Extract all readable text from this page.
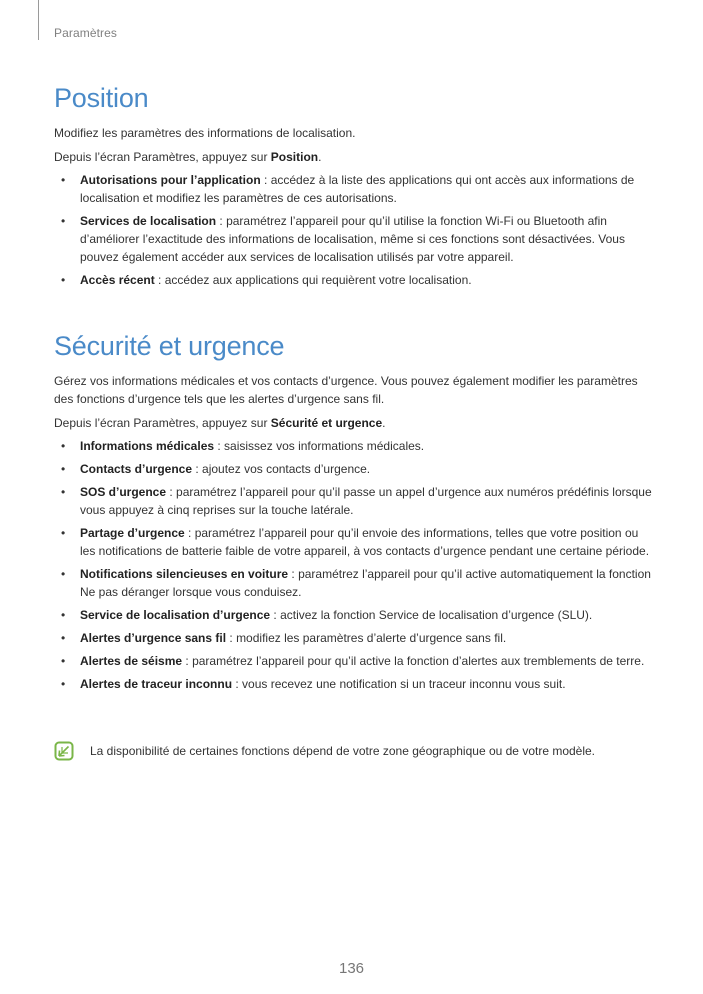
Paramètres
Position

Modifiez les paramètres des informations de localisation.

Depuis l’écran Paramètres, appuyez sur Position.

• Autorisations pour l’application : accédez à la liste des applications qui ont accès aux informations de localisation et modifiez les paramètres de ces autorisations.
• Services de localisation : paramétrez l’appareil pour qu’il utilise la fonction Wi-Fi ou Bluetooth afin d’améliorer l’exactitude des informations de localisation, même si ces fonctions sont désactivées. Vous pouvez également accéder aux services de localisation utilisés par votre appareil.
• Accès récent : accédez aux applications qui requièrent votre localisation.
Sécurité et urgence

Gérez vos informations médicales et vos contacts d’urgence. Vous pouvez également modifier les paramètres des fonctions d’urgence tels que les alertes d’urgence sans fil.

Depuis l’écran Paramètres, appuyez sur Sécurité et urgence.

• Informations médicales : saisissez vos informations médicales.
• Contacts d’urgence : ajoutez vos contacts d’urgence.
• SOS d’urgence : paramétrez l’appareil pour qu’il passe un appel d’urgence aux numéros prédéfinis lorsque vous appuyez à cinq reprises sur la touche latérale.
• Partage d’urgence : paramétrez l’appareil pour qu’il envoie des informations, telles que votre position ou les notifications de batterie faible de votre appareil, à vos contacts d’urgence pendant une certaine période.
• Notifications silencieuses en voiture : paramétrez l’appareil pour qu’il active automatiquement la fonction Ne pas déranger lorsque vous conduisez.
• Service de localisation d’urgence : activez la fonction Service de localisation d’urgence (SLU).
• Alertes d’urgence sans fil : modifiez les paramètres d’alerte d’urgence sans fil.
• Alertes de séisme : paramétrez l’appareil pour qu’il active la fonction d’alertes aux tremblements de terre.
• Alertes de traceur inconnu : vous recevez une notification si un traceur inconnu vous suit.
La disponibilité de certaines fonctions dépend de votre zone géographique ou de votre modèle.
136
